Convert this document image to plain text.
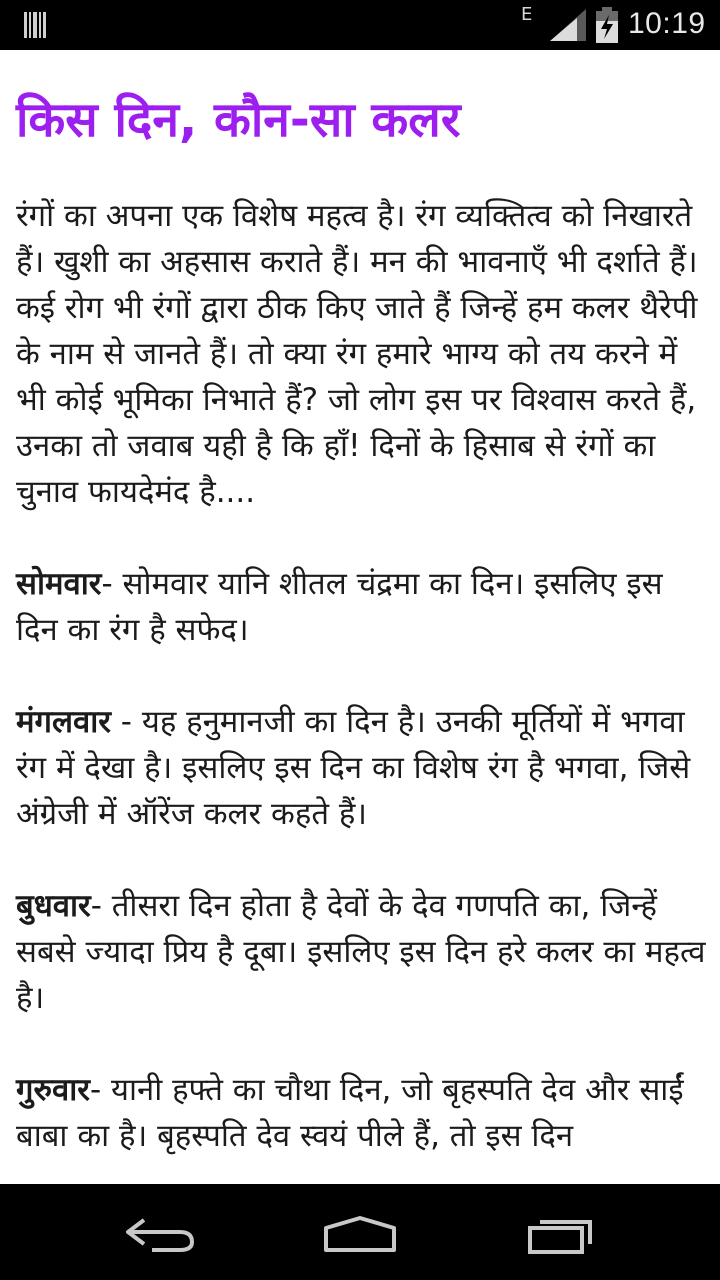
E	10:19
किस दिन, कौन-सा कलर

रंगों का अपना एक विशेष महत्व है। रंग व्यक्तित्व को निखारते हैं। खुशी का अहसास कराते हैं। मन की भावनाएँ भी दर्शाते हैं। कई रोग भी रंगों द्वारा ठीक किए जाते हैं जिन्हें हम कलर थैरेपी के नाम से जानते हैं। तो क्या रंग हमारे भाग्य को तय करने में भी कोई भूमिका निभाते हैं? जो लोग इस पर विश्वास करते हैं, उनका तो जवाब यही है कि हाँ! दिनों के हिसाब से रंगों का चुनाव फायदेमंद है....

सोमवार- सोमवार यानि शीतल चंद्रमा का दिन। इसलिए इस दिन का रंग है सफेद।

मंगलवार - यह हनुमानजी का दिन है। उनकी मूर्तियों में भगवा रंग में देखा है। इसलिए इस दिन का विशेष रंग है भगवा, जिसे अंग्रेजी में ऑरेंज कलर कहते हैं।

बुधवार- तीसरा दिन होता है देवों के देव गणपति का, जिन्हें सबसे ज्यादा प्रिय है दूबा। इसलिए इस दिन हरे कलर का महत्व है।

गुरुवार- यानी हफ्ते का चौथा दिन, जो बृहस्पति देव और साईं बाबा का है। बृहस्पति देव स्वयं पीले हैं, तो इस दिन
